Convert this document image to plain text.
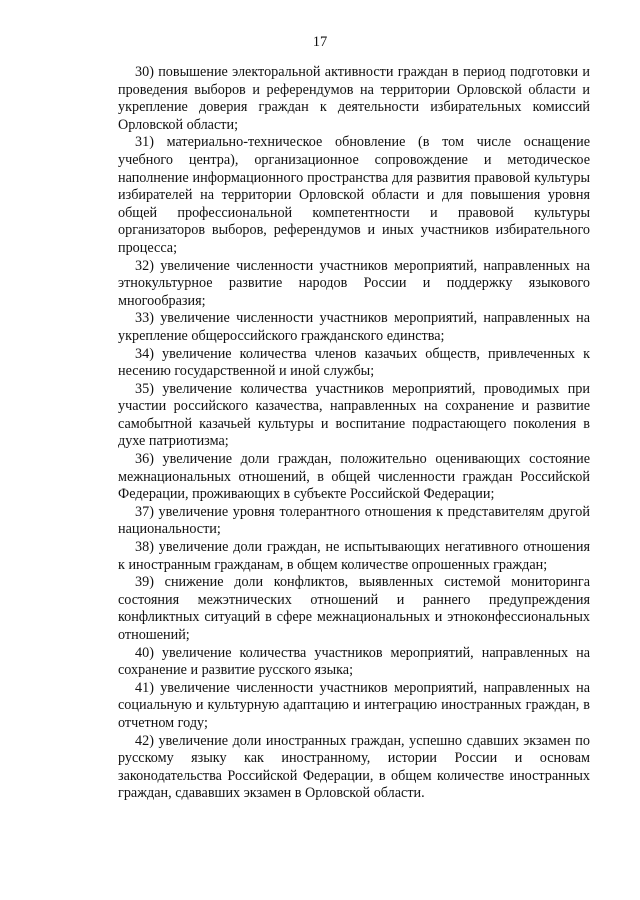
17

30) повышение электоральной активности граждан в период подготовки и проведения выборов и референдумов на территории Орловской области и укрепление доверия граждан к деятельности избирательных комиссий Орловской области;

31) материально-техническое обновление (в том числе оснащение учебного центра), организационное сопровождение и методическое наполнение информационного пространства для развития правовой культуры избирателей на территории Орловской области и для повышения уровня общей профессиональной компетентности и правовой культуры организаторов выборов, референдумов и иных участников избирательного процесса;

32) увеличение численности участников мероприятий, направленных на этнокультурное развитие народов России и поддержку языкового многообразия;

33) увеличение численности участников мероприятий, направленных на укрепление общероссийского гражданского единства;

34) увеличение количества членов казачьих обществ, привлеченных к несению государственной и иной службы;

35) увеличение количества участников мероприятий, проводимых при участии российского казачества, направленных на сохранение и развитие самобытной казачьей культуры и воспитание подрастающего поколения в духе патриотизма;

36) увеличение доли граждан, положительно оценивающих состояние межнациональных отношений, в общей численности граждан Российской Федерации, проживающих в субъекте Российской Федерации;

37) увеличение уровня толерантного отношения к представителям другой национальности;

38) увеличение доли граждан, не испытывающих негативного отношения к иностранным гражданам, в общем количестве опрошенных граждан;

39) снижение доли конфликтов, выявленных системой мониторинга состояния межэтнических отношений и раннего предупреждения конфликтных ситуаций в сфере межнациональных и этноконфессиональных отношений;

40) увеличение количества участников мероприятий, направленных на сохранение и развитие русского языка;

41) увеличение численности участников мероприятий, направленных на социальную и культурную адаптацию и интеграцию иностранных граждан, в отчетном году;

42) увеличение доли иностранных граждан, успешно сдавших экзамен по русскому языку как иностранному, истории России и основам законодательства Российской Федерации, в общем количестве иностранных граждан, сдававших экзамен в Орловской области.
